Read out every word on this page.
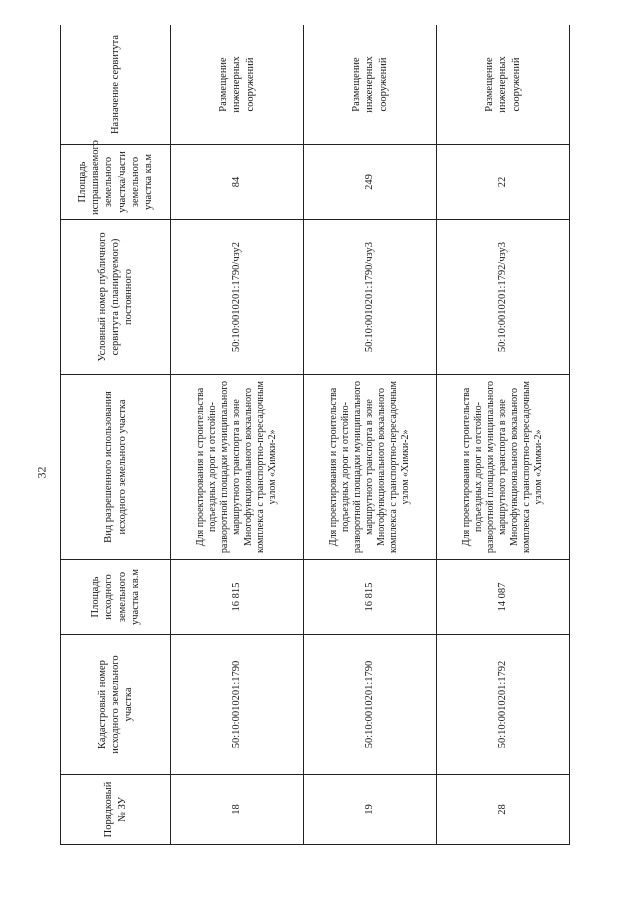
32
Порядковый № ЗУ	Кадастровый номер исходного земельного участка	Площадь исходного земельного участка кв.м	Вид разрешенного использования исходного земельного участка	Условный номер публичного сервитута (планируемого) постоянного	Площадь испрашиваемого земельного участка/части земельного участка кв.м	Назначение сервитута
18	50:10:0010201:1790	16 815	Для проектирования и строительства подъездных дорог и отстойно-разворотной площадки муниципального маршрутного транспорта в зоне Многофункционального вокзального комплекса с транспортно-пересадочным узлом «Химки-2»	50:10:0010201:1790/чзу2	84	Размещение инженерных сооружений
19	50:10:0010201:1790	16 815	Для проектирования и строительства подъездных дорог и отстойно-разворотной площадки муниципального маршрутного транспорта в зоне Многофункционального вокзального комплекса с транспортно-пересадочным узлом «Химки-2»	50:10:0010201:1790/чзу3	249	Размещение инженерных сооружений
28	50:10:0010201:1792	14 087	Для проектирования и строительства подъездных дорог и отстойно-разворотной площадки муниципального маршрутного транспорта в зоне Многофункционального вокзального комплекса с транспортно-пересадочным узлом «Химки-2»	50:10:0010201:1792/чзу3	22	Размещение инженерных сооружений
